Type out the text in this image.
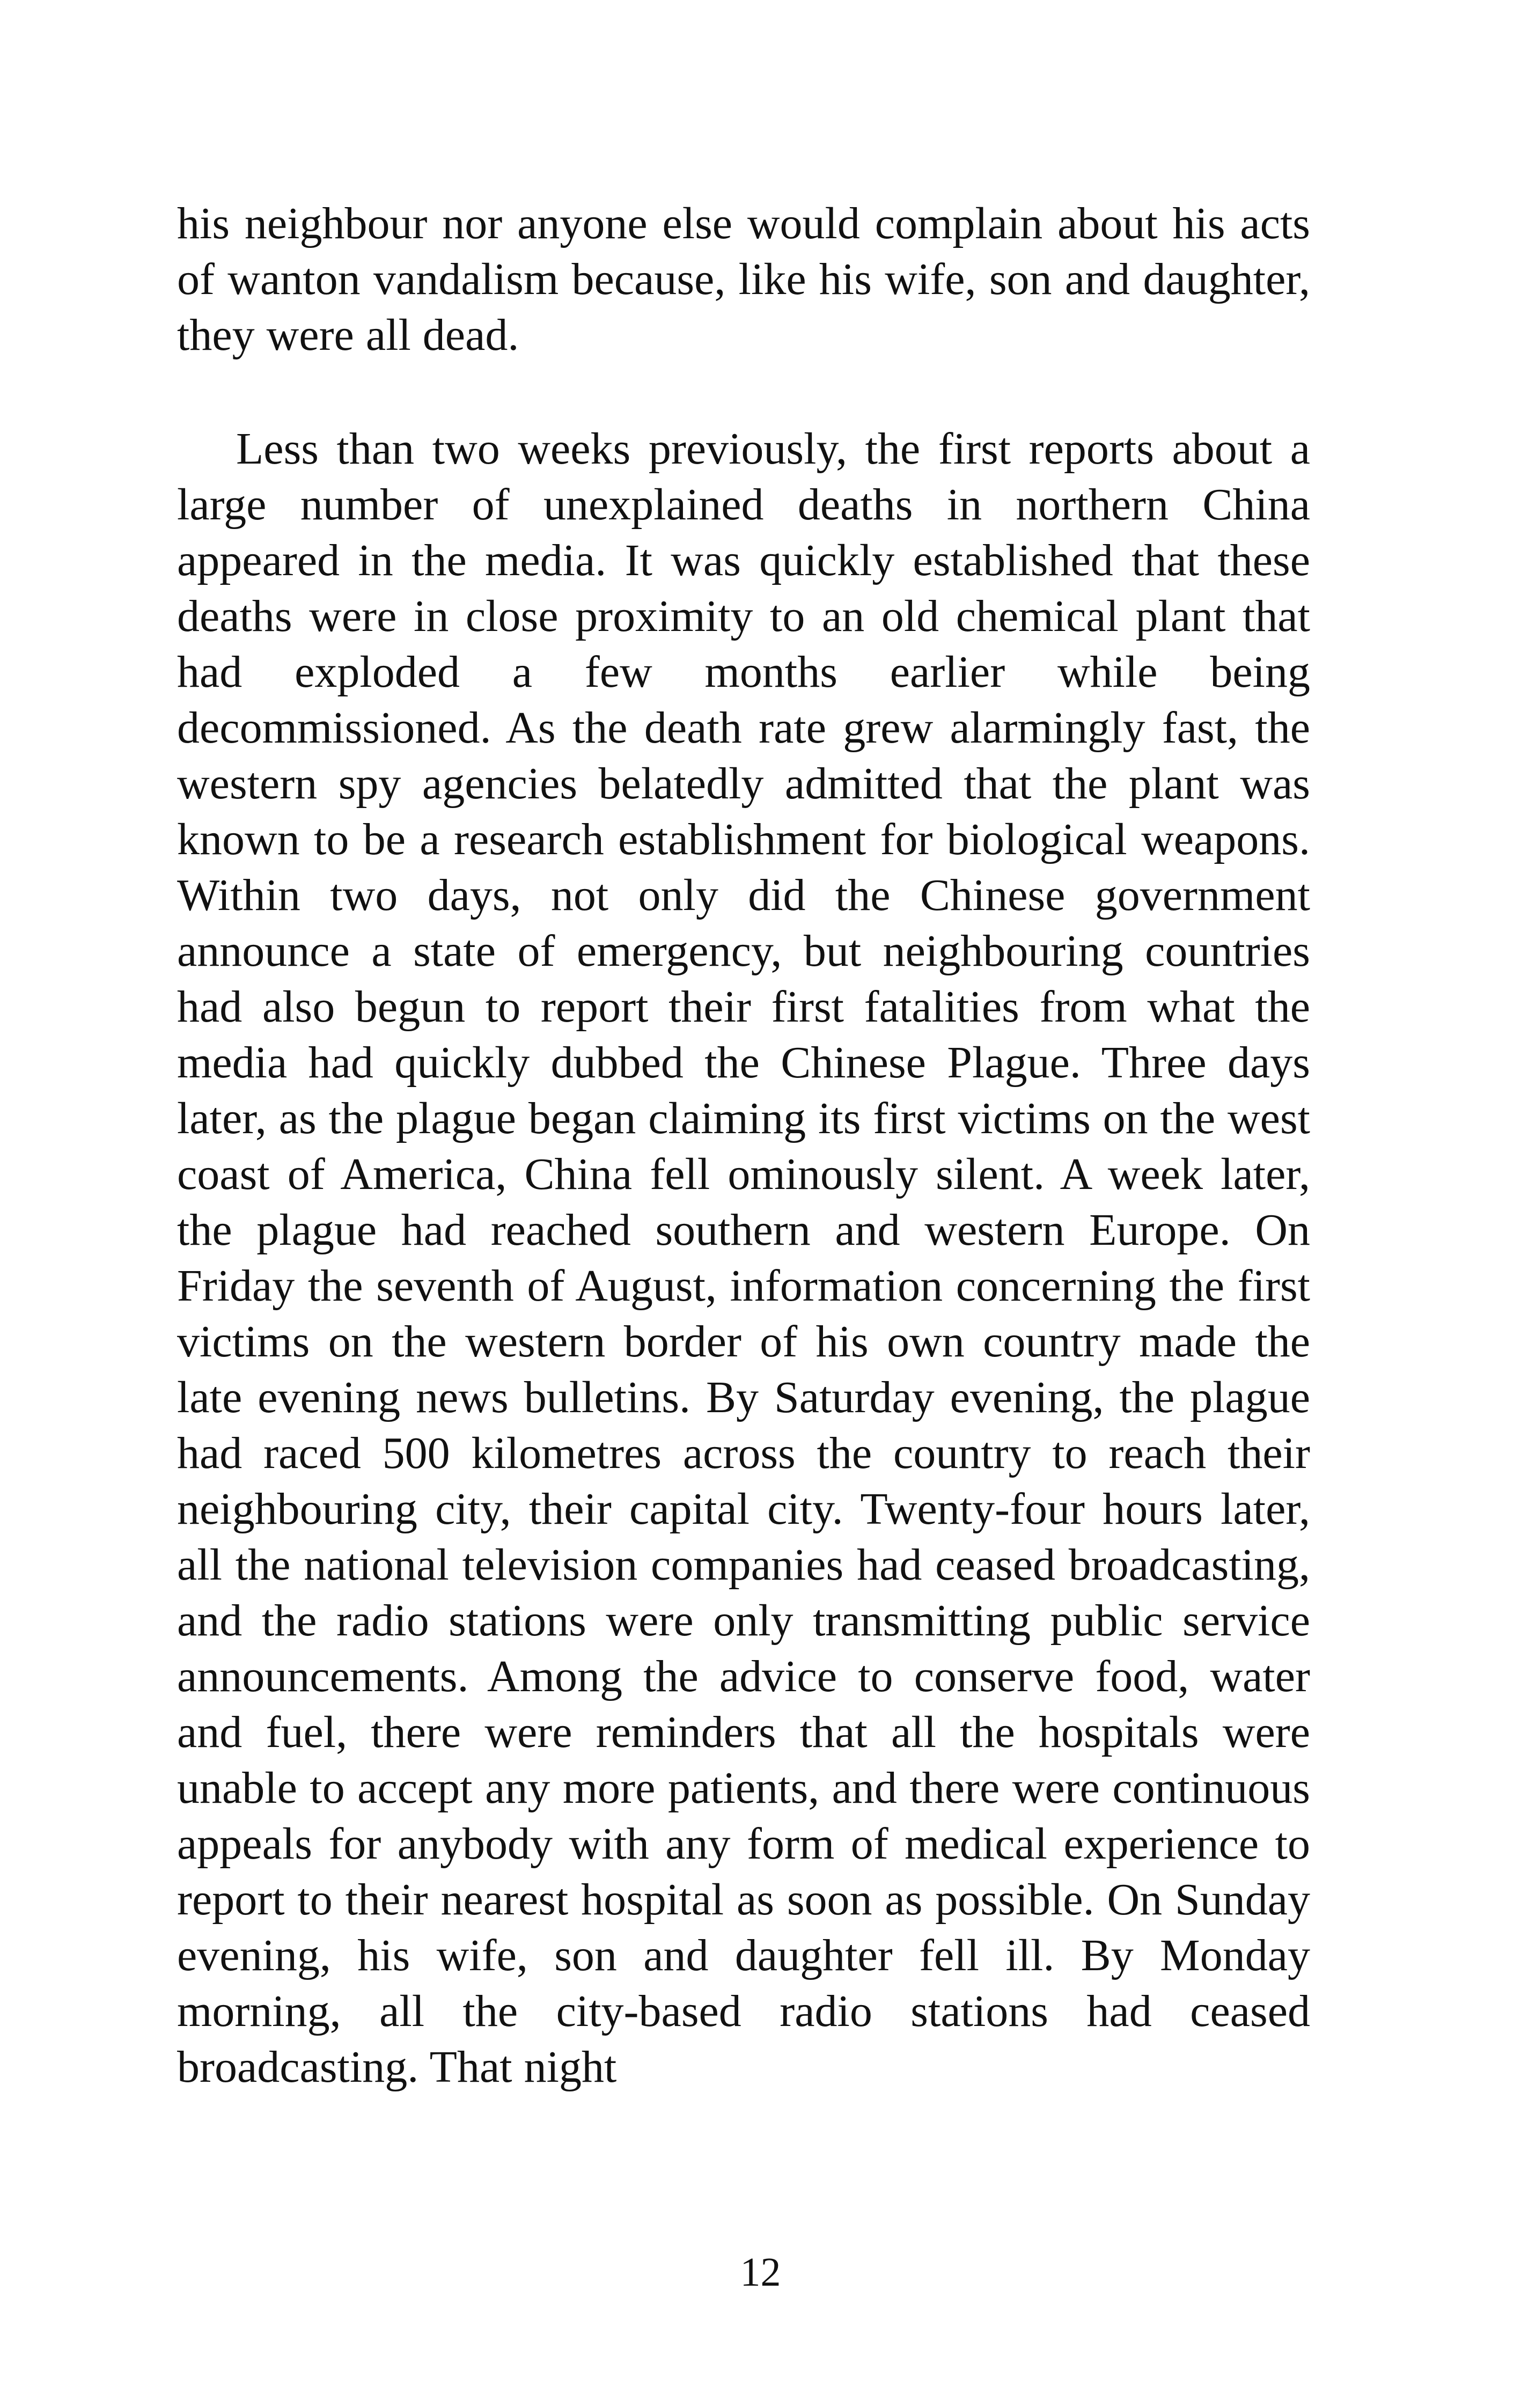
his neighbour nor anyone else would complain about his acts of wanton vandalism because, like his wife, son and daughter, they were all dead.

Less than two weeks previously, the first reports about a large number of unexplained deaths in northern China appeared in the media. It was quickly established that these deaths were in close proximity to an old chemical plant that had exploded a few months earlier while being decommissioned. As the death rate grew alarmingly fast, the western spy agencies belatedly admitted that the plant was known to be a research establishment for biological weapons. Within two days, not only did the Chinese government announce a state of emergency, but neighbouring countries had also begun to report their first fatalities from what the media had quickly dubbed the Chinese Plague. Three days later, as the plague began claiming its first victims on the west coast of America, China fell ominously silent. A week later, the plague had reached southern and western Europe. On Friday the seventh of August, information concerning the first victims on the western border of his own country made the late evening news bulletins. By Saturday evening, the plague had raced 500 kilometres across the country to reach their neighbouring city, their capital city. Twenty-four hours later, all the national television companies had ceased broadcasting, and the radio stations were only transmitting public service announcements. Among the advice to conserve food, water and fuel, there were reminders that all the hospitals were unable to accept any more patients, and there were continuous appeals for anybody with any form of medical experience to report to their nearest hospital as soon as possible. On Sunday evening, his wife, son and daughter fell ill. By Monday morning, all the city-based radio stations had ceased broadcasting. That night

12
